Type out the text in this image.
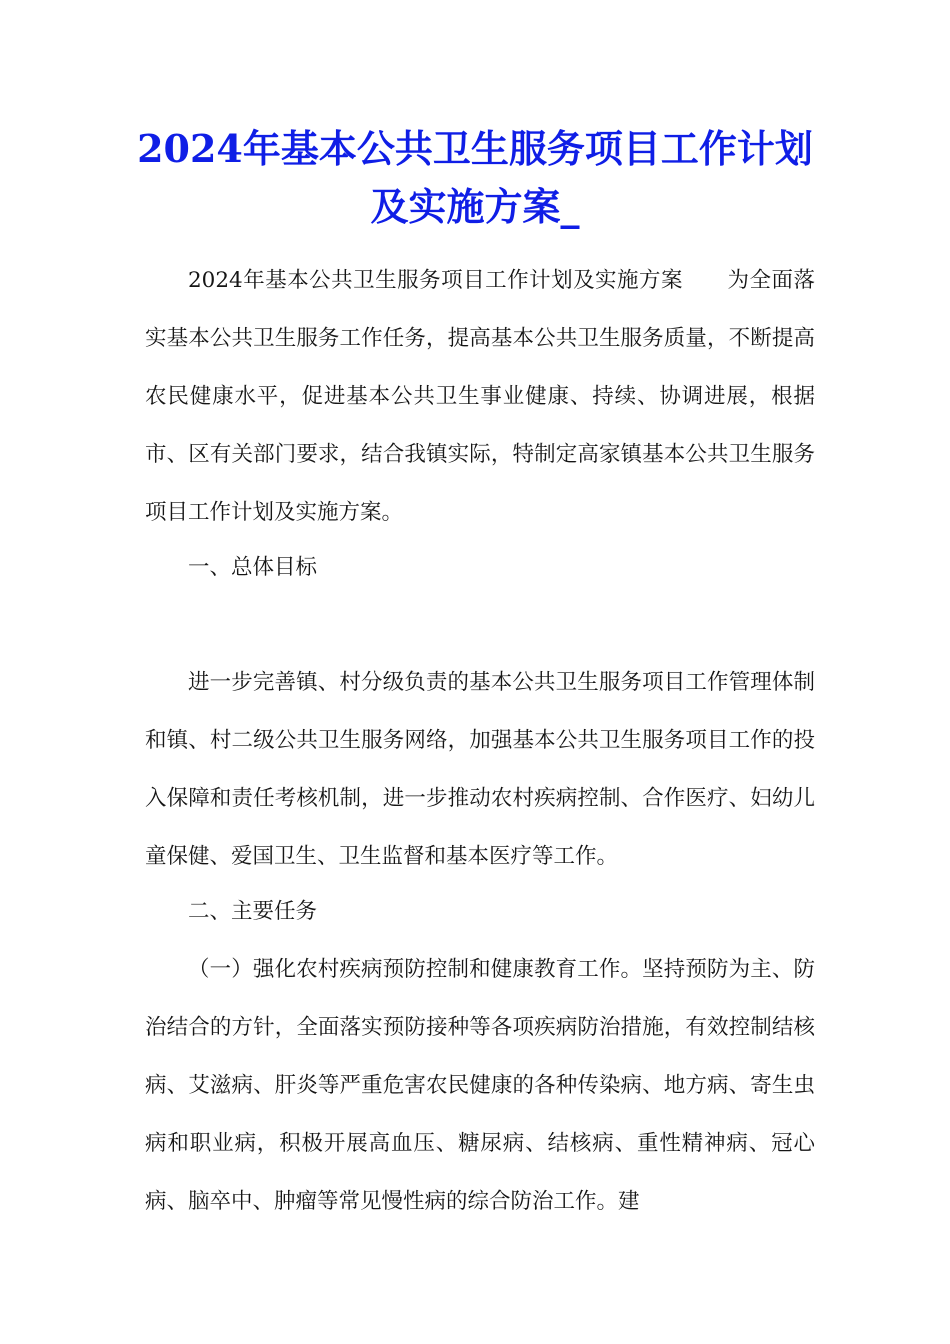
2024年基本公共卫生服务项目工作计划及实施方案_

2024年基本公共卫生服务项目工作计划及实施方案 为全面落实基本公共卫生服务工作任务，提高基本公共卫生服务质量，不断提高农民健康水平，促进基本公共卫生事业健康、持续、协调进展，根据市、区有关部门要求，结合我镇实际，特制定高家镇基本公共卫生服务项目工作计划及实施方案。

一、总体目标

进一步完善镇、村分级负责的基本公共卫生服务项目工作管理体制和镇、村二级公共卫生服务网络，加强基本公共卫生服务项目工作的投入保障和责任考核机制，进一步推动农村疾病控制、合作医疗、妇幼儿童保健、爱国卫生、卫生监督和基本医疗等工作。

二、主要任务

（一）强化农村疾病预防控制和健康教育工作。坚持预防为主、防治结合的方针，全面落实预防接种等各项疾病防治措施，有效控制结核病、艾滋病、肝炎等严重危害农民健康的各种传染病、地方病、寄生虫病和职业病，积极开展高血压、糖尿病、结核病、重性精神病、冠心病、脑卒中、肿瘤等常见慢性病的综合防治工作。建
